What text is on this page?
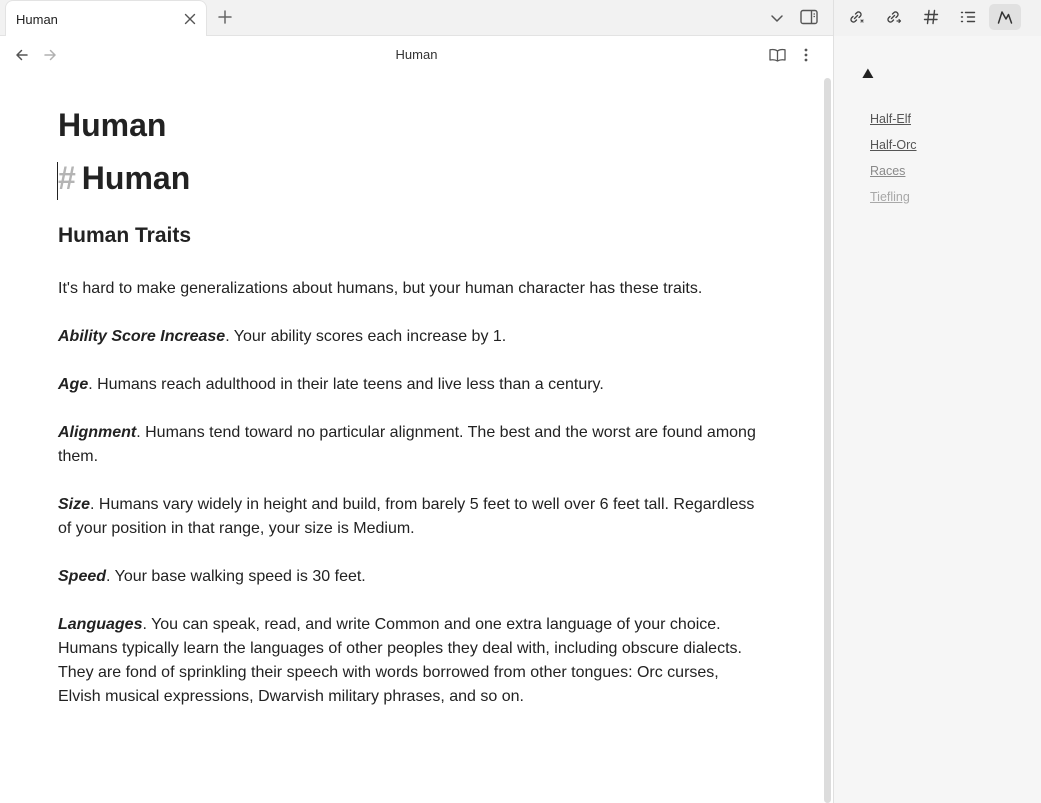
Human
Human
Human
# Human
Human Traits
It's hard to make generalizations about humans, but your human character has these traits.
Ability Score Increase. Your ability scores each increase by 1.
Age. Humans reach adulthood in their late teens and live less than a century.
Alignment. Humans tend toward no particular alignment. The best and the worst are found among them.
Size. Humans vary widely in height and build, from barely 5 feet to well over 6 feet tall. Regardless of your position in that range, your size is Medium.
Speed. Your base walking speed is 30 feet.
Languages. You can speak, read, and write Common and one extra language of your choice. Humans typically learn the languages of other peoples they deal with, including obscure dialects. They are fond of sprinkling their speech with words borrowed from other tongues: Orc curses, Elvish musical expressions, Dwarvish military phrases, and so on.
⛰
Half-Elf
Half-Orc
Races
Tiefling
